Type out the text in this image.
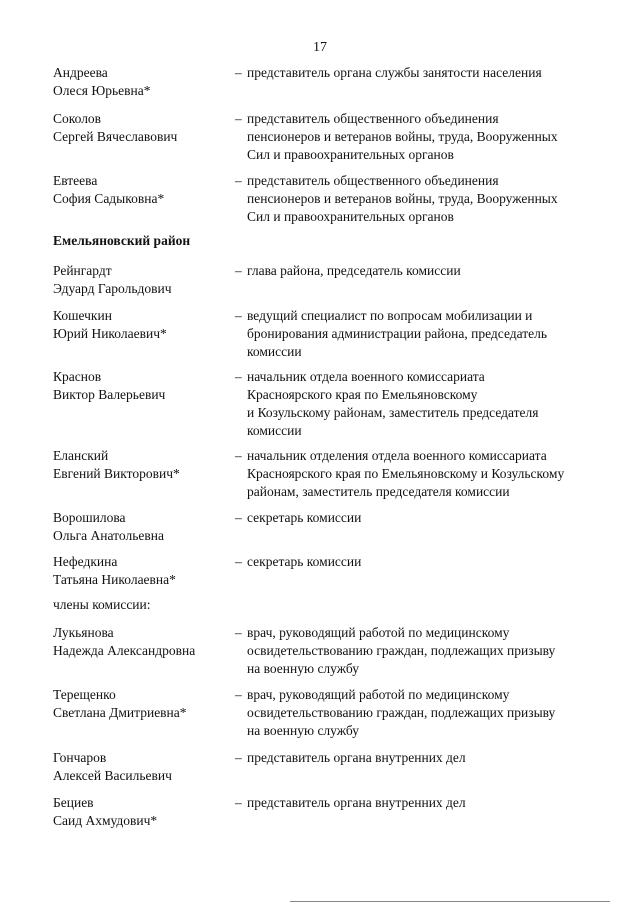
17
Андреева
Олеся Юрьевна*
– представитель органа службы занятости населения
Соколов
Сергей Вячеславович
– представитель общественного объединения
пенсионеров и ветеранов войны, труда, Вооруженных
Сил и правоохранительных органов
Евтеева
София Садыковна*
– представитель общественного объединения
пенсионеров и ветеранов войны, труда, Вооруженных
Сил и правоохранительных органов
Емельяновский район
Рейнгардт
Эдуард Гарольдович
– глава района, председатель комиссии
Кошечкин
Юрий Николаевич*
– ведущий специалист по вопросам мобилизации и
бронирования администрации района, председатель
комиссии
Краснов
Виктор Валерьевич
– начальник отдела военного комиссариата
Красноярского края по Емельяновскому
и Козульскому районам, заместитель председателя
комиссии
Еланский
Евгений Викторович*
– начальник отделения отдела военного комиссариата
Красноярского края по Емельяновскому и Козульскому
районам, заместитель председателя комиссии
Ворошилова
Ольга Анатольевна
– секретарь комиссии
Нефедкина
Татьяна Николаевна*
– секретарь комиссии
члены комиссии:
Лукьянова
Надежда Александровна
– врач, руководящий работой по медицинскому
освидетельствованию граждан, подлежащих призыву
на военную службу
Терещенко
Светлана Дмитриевна*
– врач, руководящий работой по медицинскому
освидетельствованию граждан, подлежащих призыву
на военную службу
Гончаров
Алексей Васильевич
– представитель органа внутренних дел
Бециев
Саид Ахмудович*
– представитель органа внутренних дел
